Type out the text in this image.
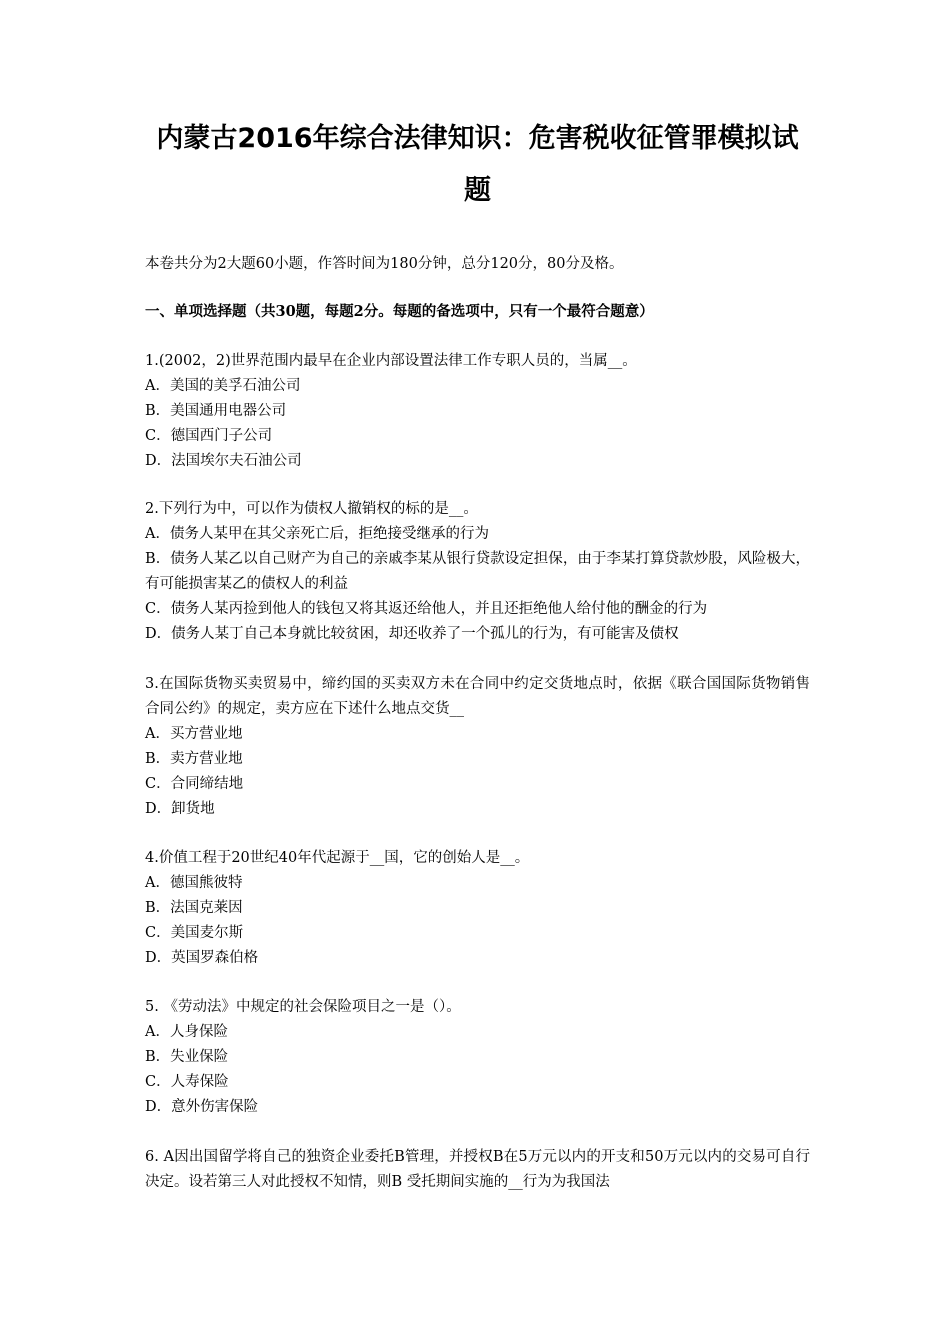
内蒙古2016年综合法律知识：危害税收征管罪模拟试题

本卷共分为2大题60小题，作答时间为180分钟，总分120分，80分及格。

一、单项选择题（共30题，每题2分。每题的备选项中，只有一个最符合题意）

1.(2002，2)世界范围内最早在企业内部设置法律工作专职人员的，当属__。

A．美国的美孚石油公司

B．美国通用电器公司

C．德国西门子公司

D．法国埃尔夫石油公司

2.下列行为中，可以作为债权人撤销权的标的是__。

A．债务人某甲在其父亲死亡后，拒绝接受继承的行为

B．债务人某乙以自己财产为自己的亲戚李某从银行贷款设定担保，由于李某打算贷款炒股，风险极大，有可能损害某乙的债权人的利益

C．债务人某丙捡到他人的钱包又将其返还给他人，并且还拒绝他人给付他的酬金的行为

D．债务人某丁自己本身就比较贫困，却还收养了一个孤儿的行为，有可能害及债权

3.在国际货物买卖贸易中，缔约国的买卖双方未在合同中约定交货地点时，依据《联合国国际货物销售合同公约》的规定，卖方应在下述什么地点交货__

A．买方营业地

B．卖方营业地

C．合同缔结地

D．卸货地

4.价值工程于20世纪40年代起源于__国，它的创始人是__。

A．德国熊彼特

B．法国克莱因

C．美国麦尔斯

D．英国罗森伯格

5. 《劳动法》中规定的社会保险项目之一是（）。

A．人身保险

B．失业保险

C．人寿保险

D．意外伤害保险

6. A因出国留学将自己的独资企业委托B管理，并授权B在5万元以内的开支和50万元以内的交易可自行决定。设若第三人对此授权不知情，则B 受托期间实施的__行为为我国法
